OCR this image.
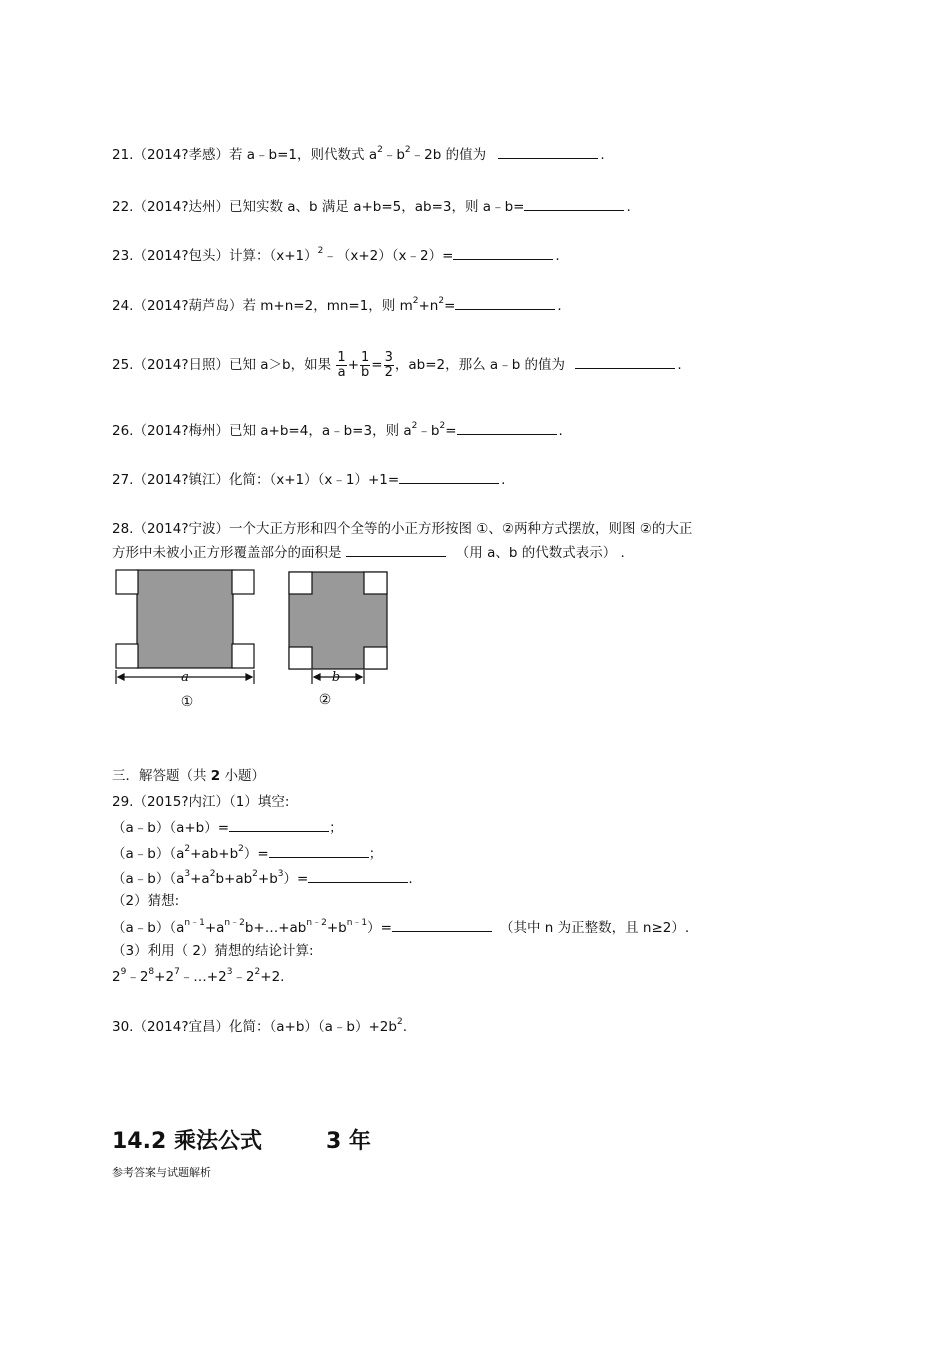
21.（2014?孝感）若 a﹣b=1，则代数式 $a^2﹣b^2﹣2b$ 的值为	.
22.（2014?达州）已知实数 a、b 满足 a+b=5，ab=3，则 a﹣b=	.
23.（2014?包头）计算：$(x+1)^2﹣(x+2)(x﹣2)=$	.
24.（2014?葫芦岛）若 m+n=2，mn=1，则 $m^2+n^2=$	.
25.（2014?日照）已知 a＞b，如果 $\frac{1}{a} + \frac{1}{b} = \frac{3}{2}$ ，ab=2，那么 a﹣b 的值为	.
26.（2014?梅州）已知 a+b=4，a﹣b=3，则 $a^2﹣b^2=$	.
27.（2014?镇江）化简：（x+1）（x﹣1）+1=	.
28.（2014?宁波）一个大正方形和四个全等的小正方形按图 ①、②两种方式摆放，则图 ②的大正
方形中未被小正方形覆盖部分的面积是	（用 a、b 的代数式表示） .
a
①
b
②
三．解答题（共 2 小题）
29.（2015?内江）（1）填空:
（a﹣b）（a+b）=	；
$(a﹣b)(a^2+ab+b^2)=$	；
$(a﹣b)(a^3+a^2b+ab^2+b^3)=$	.
（2）猜想:
$(a﹣b)(a^{n﹣1}+a^{n﹣2}b+\dots+ab^{n﹣2}+b^{n﹣1})=$	（其中 n 为正整数，且 n≥2）.
（3）利用（ 2）猜想的结论计算:
$2^9﹣2^8+2^7﹣\dots+2^3﹣2^2+2$.
30.（2014?宜昌）化简：$(a+b)(a﹣b)+2b^2$.
14.2 乘法公式	3 年
参考答案与试题解析
